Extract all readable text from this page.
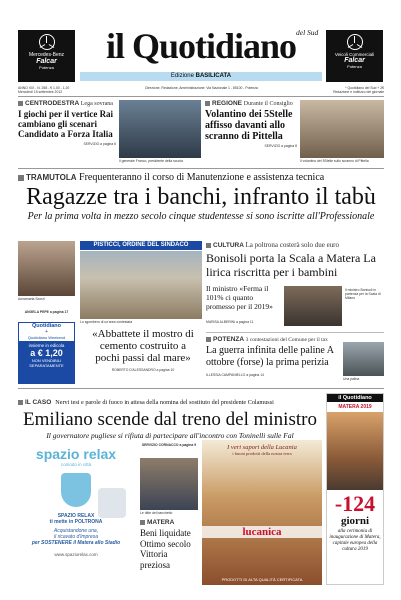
Mercedes-Benz
Falcar
Potenza
il Quotidiano del Sud
Edizione BASILICATA
Veicoli Commerciali
Falcar
Potenza
ANNO XIX - N. 258 - € 1,00 - 1,20
Mercoledì 15 settembre 2012
Direzione, Redazione, Amministrazione: Via Nazionale 1 - 85100 - Potenza	* Quotidiano del Sud + 2€
Redazione e indirizzo del giornale
CENTRODESTRA Lega sovrana
I giochi per il vertice Rai cambiano gli scenari Candidato a Forza Italia
SERVIZIO a pagina 6
Il generale Franco, presidente della scuola
REGIONE Durante il Consiglio
Volantino dei 5Stelle affisso davanti allo scranno di Pittella
SERVIZIO a pagina 8
Il volantino dei 5Stelle sullo scranno di Pittella
TRAMUTOLA Frequenteranno il corso di Manutenzione e assistenza tecnica
Ragazze tra i banchi, infranto il tabù
Per la prima volta in mezzo secolo cinque studentesse si sono iscritte all'Professionale
Annamaria Scorzi
ANGELA PEPE a pagina 17
Quotidiano
+
Quotidiano Weekend
insieme in edicola
a € 1,20
NON VENDIBILI SEPARATAMENTE
PISTICCI, ORDINE DEL SINDACO
Lo sgombero di un'area contestata
«Abbattete il mostro di cemento costruito a pochi passi dal mare»
ROBERTO D'ALESSANDRO a pagina 10
CULTURA La poltrona costerà solo due euro
Bonisoli porta la Scala a Matera La lirica riscritta per i bambini
Il ministro «Ferma il 101% ci quanto promesso per il 2019»
MARISA ALBERINI a pagina 11
Il ministro Bonisoli in partenza per la Scala di Milano
POTENZA 3 contestazioni del Comune per il tax
La guerra infinita delle paline A ottobre (forse) la prima perizia
ILLESSIA CAMPANIELLO a pagina 14
Una palina
IL CASO Nervi tesi e parole di fuoco in attesa della nomina del sostituto del presidente Colamussi
Emiliano scende dal treno del ministro
Il governatore pugliese si rifiuta di partecipare all'incontro con Toninelli sulle Fal
spazio relax
comodo in città
SPAZIO RELAX
ti mette in POLTRONA
Acquistandone una,
il ricavato d'impresa
per SOSTENERE il Matera allo Stadio
www.spaziorelax.com
SERVIZIO CORNACCO a pagina 9
Le ditte del banchetto
MATERA
Beni liquidate Ottimo secolo Vittoria preziosa
I veri sapori della Lucania
i buoni prodotti della nostra terra
lucanica
PRODOTTI DI ALTA QUALITÀ CERTIFICATA
il Quotidiano
MATERA 2019
-124
giorni
alla cerimonia di inaugurazione di Matera, capitale europea della cultura 2019
